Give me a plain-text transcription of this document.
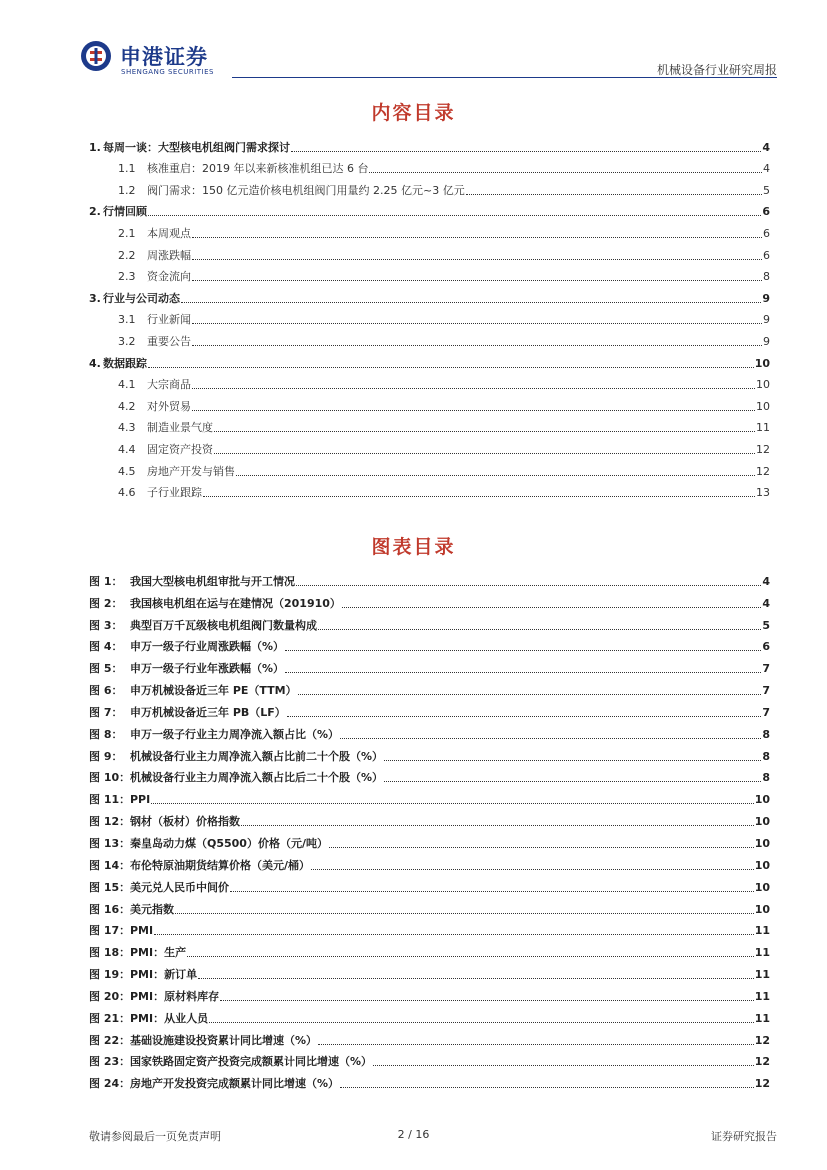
申港证券
SHENGANG SECURITIES	机械设备行业研究周报
内容目录
1. 每周一谈：大型核电机组阀门需求探讨	4
1.1	核准重启：2019 年以来新核准机组已达 6 台	4
1.2	阀门需求：150 亿元造价核电机组阀门用量约 2.25 亿元~3 亿元	5
2. 行情回顾	6
2.1	本周观点	6
2.2	周涨跌幅	6
2.3	资金流向	8
3. 行业与公司动态	9
3.1	行业新闻	9
3.2	重要公告	9
4. 数据跟踪	10
4.1	大宗商品	10
4.2	对外贸易	10
4.3	制造业景气度	11
4.4	固定资产投资	12
4.5	房地产开发与销售	12
4.6	子行业跟踪	13
图表目录
图 1： 我国大型核电机组审批与开工情况	4
图 2： 我国核电机组在运与在建情况（201910）	4
图 3： 典型百万千瓦级核电机组阀门数量构成	5
图 4： 申万一级子行业周涨跌幅（%）	6
图 5： 申万一级子行业年涨跌幅（%）	7
图 6： 申万机械设备近三年 PE（TTM）	7
图 7： 申万机械设备近三年 PB（LF）	7
图 8： 申万一级子行业主力周净流入额占比（%）	8
图 9： 机械设备行业主力周净流入额占比前二十个股（%）	8
图 10： 机械设备行业主力周净流入额占比后二十个股（%）	8
图 11： PPI	10
图 12： 钢材（板材）价格指数	10
图 13： 秦皇岛动力煤（Q5500）价格（元/吨）	10
图 14： 布伦特原油期货结算价格（美元/桶）	10
图 15： 美元兑人民币中间价	10
图 16： 美元指数	10
图 17： PMI	11
图 18： PMI：生产	11
图 19： PMI：新订单	11
图 20： PMI：原材料库存	11
图 21： PMI：从业人员	11
图 22： 基础设施建设投资累计同比增速（%）	12
图 23： 国家铁路固定资产投资完成额累计同比增速（%）	12
图 24： 房地产开发投资完成额累计同比增速（%）	12
敬请参阅最后一页免责声明	2 / 16	证券研究报告
